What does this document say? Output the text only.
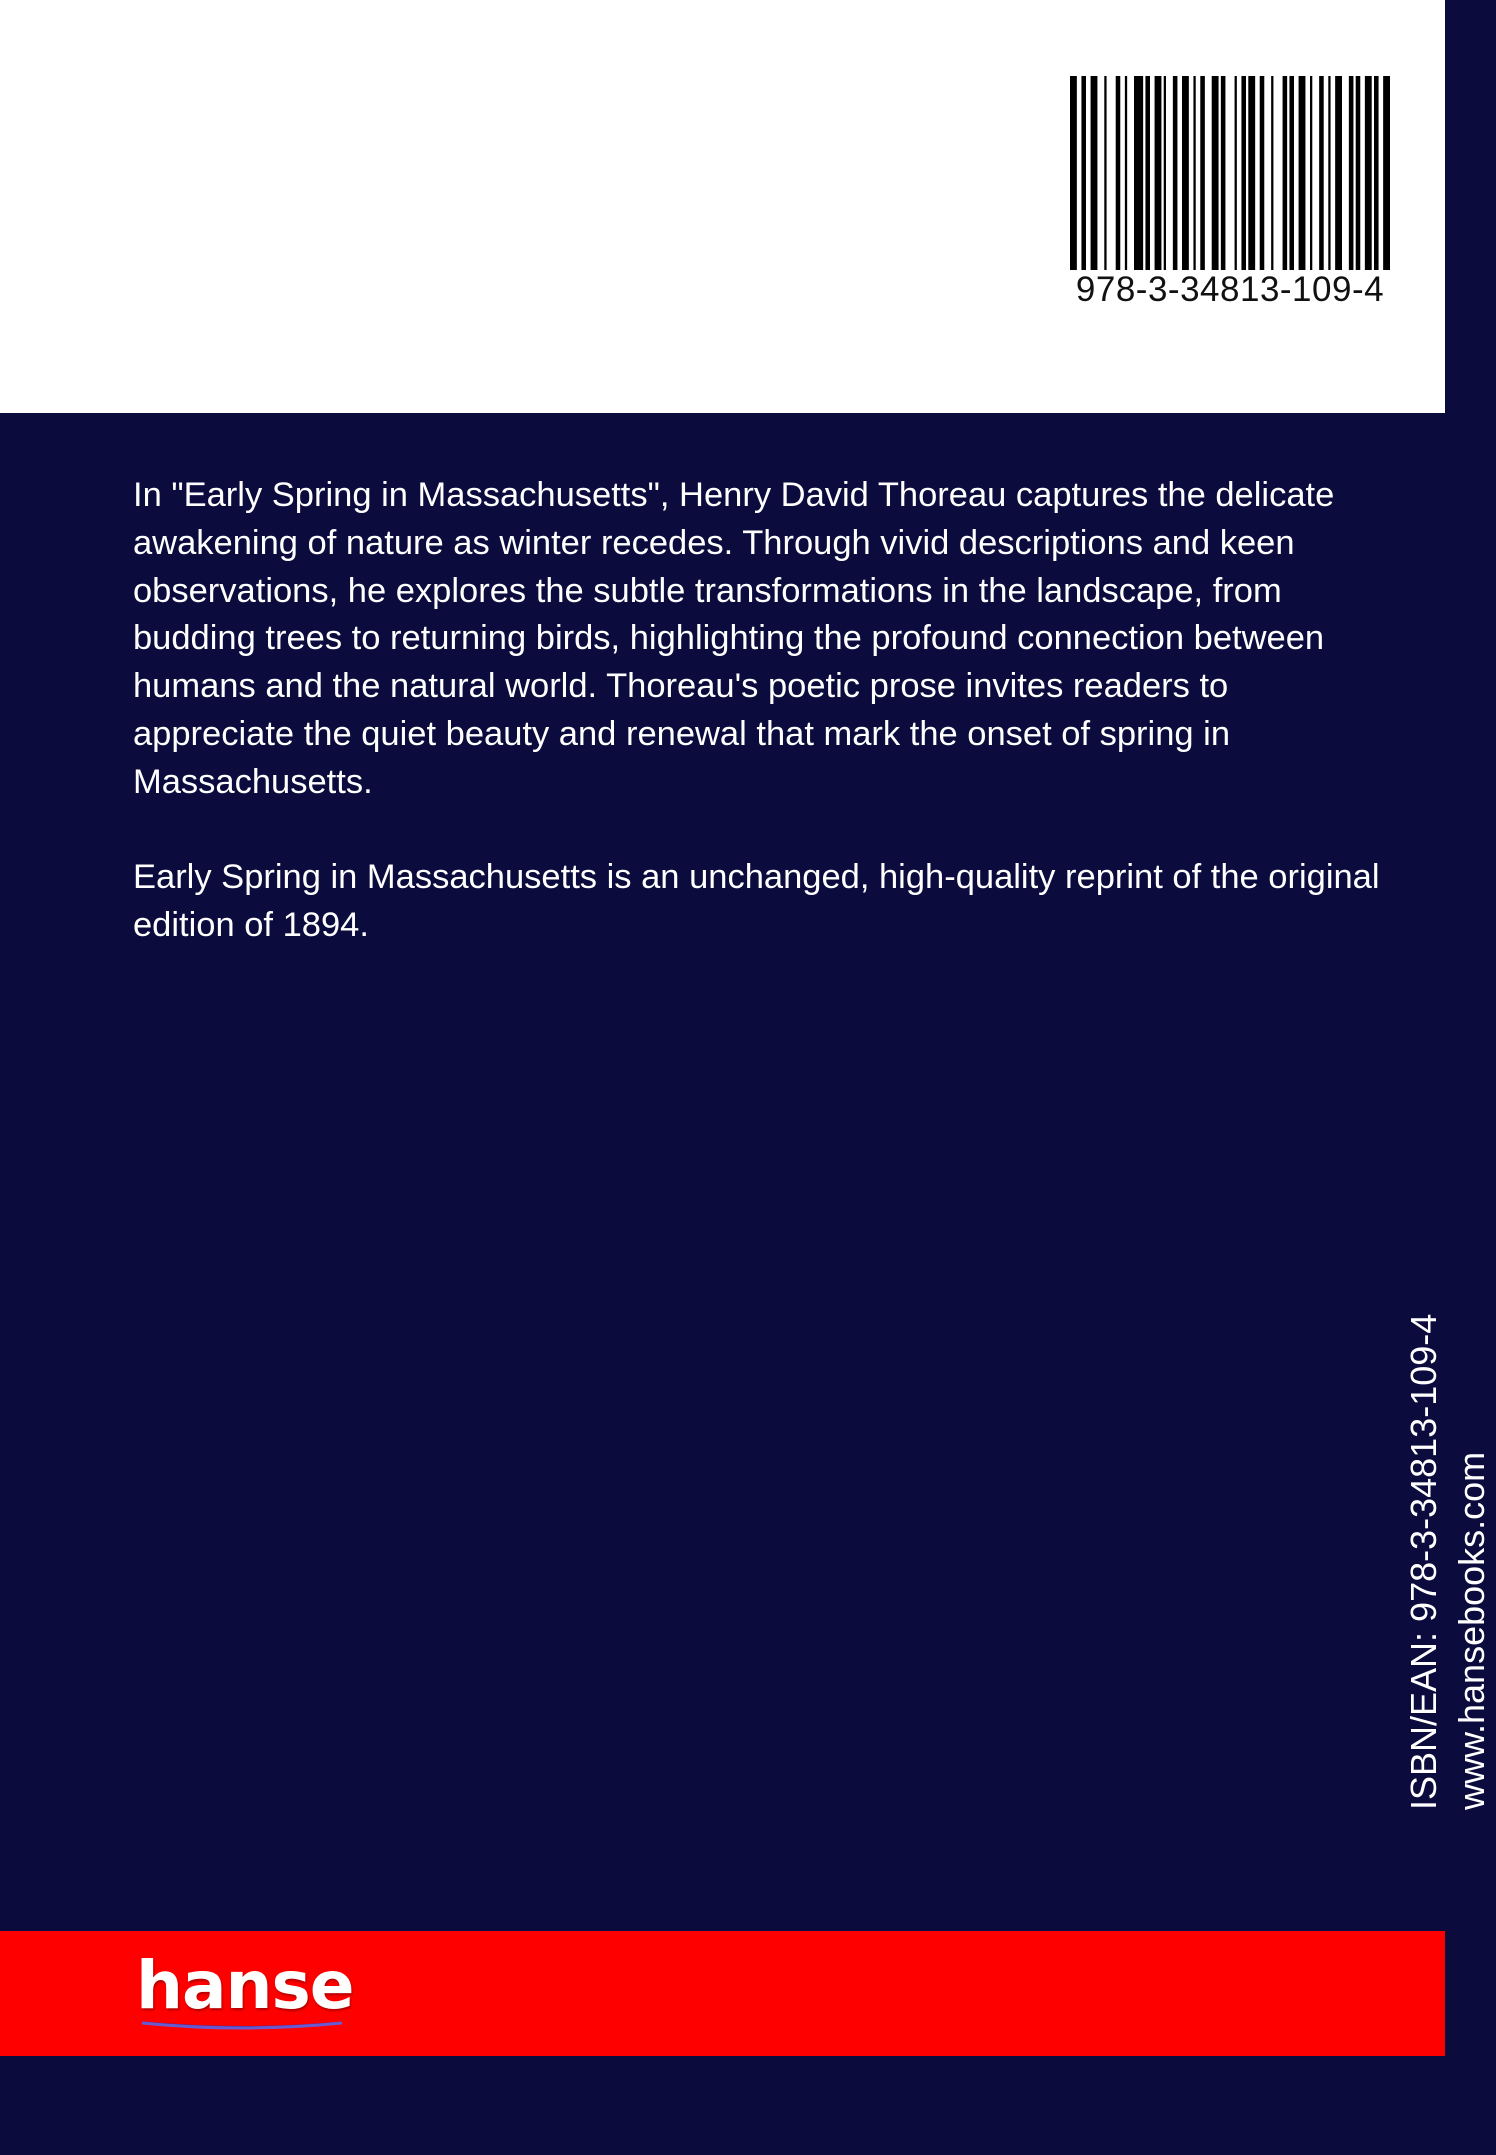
978-3-34813-109-4

In "Early Spring in Massachusetts", Henry David Thoreau captures the delicate awakening of nature as winter recedes. Through vivid descriptions and keen observations, he explores the subtle transformations in the landscape, from budding trees to returning birds, highlighting the profound connection between humans and the natural world. Thoreau's poetic prose invites readers to appreciate the quiet beauty and renewal that mark the onset of spring in Massachusetts.

Early Spring in Massachusetts is an unchanged, high-quality reprint of the original edition of 1894.

ISBN/EAN: 978-3-34813-109-4 www.hansebooks.com
hanse
